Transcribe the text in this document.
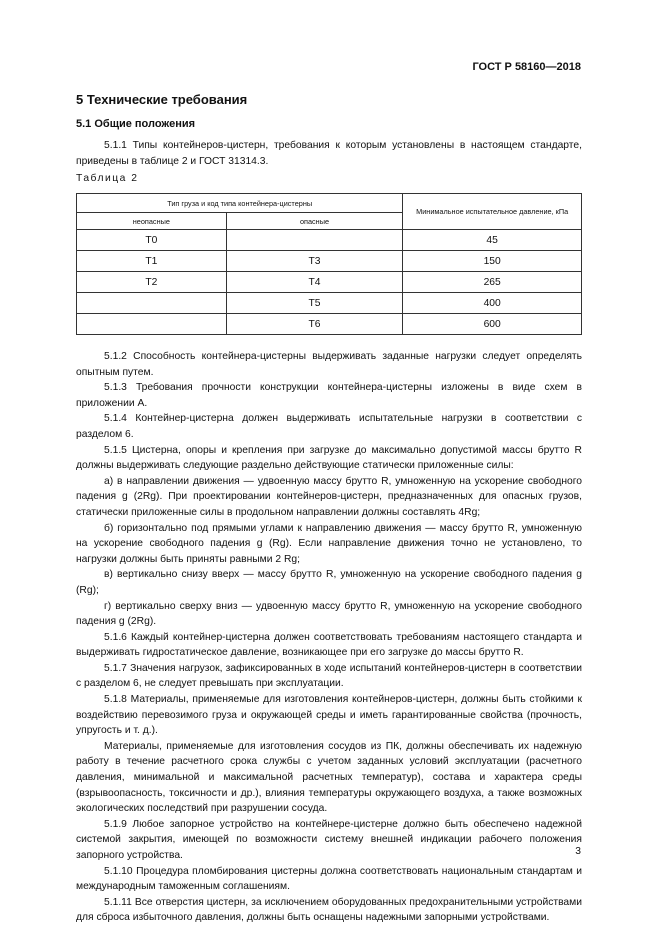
ГОСТ Р 58160—2018
5 Технические требования
5.1 Общие положения

5.1.1 Типы контейнеров-цистерн, требования к которым установлены в настоящем стандарте, приведены в таблице 2 и ГОСТ 31314.3.

Таблица 2
Тип груза и код типа контейнера-цистерны		Минимальное испытательное давление, кПа
неопасные	опасные	
Т0		45
Т1	Т3	150
Т2	Т4	265
	Т5	400
	Т6	600

5.1.2 Способность контейнера-цистерны выдерживать заданные нагрузки следует определять опытным путем.

5.1.3 Требования прочности конструкции контейнера-цистерны изложены в виде схем в приложении А.

5.1.4 Контейнер-цистерна должен выдерживать испытательные нагрузки в соответствии с разделом 6.

5.1.5 Цистерна, опоры и крепления при загрузке до максимально допустимой массы брутто R должны выдерживать следующие раздельно действующие статически приложенные силы:

а) в направлении движения — удвоенную массу брутто R, умноженную на ускорение свободного падения g (2Rg). При проектировании контейнеров-цистерн, предназначенных для опасных грузов, статически приложенные силы в продольном направлении должны составлять 4Rg;

б) горизонтально под прямыми углами к направлению движения — массу брутто R, умноженную на ускорение свободного падения g (Rg). Если направление движения точно не установлено, то нагрузки должны быть приняты равными 2 Rg;

в) вертикально снизу вверх — массу брутто R, умноженную на ускорение свободного падения g (Rg);

г) вертикально сверху вниз — удвоенную массу брутто R, умноженную на ускорение свободного падения g (2Rg).

5.1.6 Каждый контейнер-цистерна должен соответствовать требованиям настоящего стандарта и выдерживать гидростатическое давление, возникающее при его загрузке до массы брутто R.

5.1.7 Значения нагрузок, зафиксированных в ходе испытаний контейнеров-цистерн в соответствии с разделом 6, не следует превышать при эксплуатации.

5.1.8 Материалы, применяемые для изготовления контейнеров-цистерн, должны быть стойкими к воздействию перевозимого груза и окружающей среды и иметь гарантированные свойства (прочность, упругость и т. д.).

Материалы, применяемые для изготовления сосудов из ПК, должны обеспечивать их надежную работу в течение расчетного срока службы с учетом заданных условий эксплуатации (расчетного давления, минимальной и максимальной расчетных температур), состава и характера среды (взрывоопасность, токсичности и др.), влияния температуры окружающего воздуха, а также возможных экологических последствий при разрушении сосуда.

5.1.9 Любое запорное устройство на контейнере-цистерне должно быть обеспечено надежной системой закрытия, имеющей по возможности систему внешней индикации рабочего положения запорного устройства.

5.1.10 Процедура пломбирования цистерны должна соответствовать национальным стандартам и международным таможенным соглашениям.

5.1.11 Все отверстия цистерн, за исключением оборудованных предохранительными устройствами для сброса избыточного давления, должны быть оснащены надежными запорными устройствами.

3
